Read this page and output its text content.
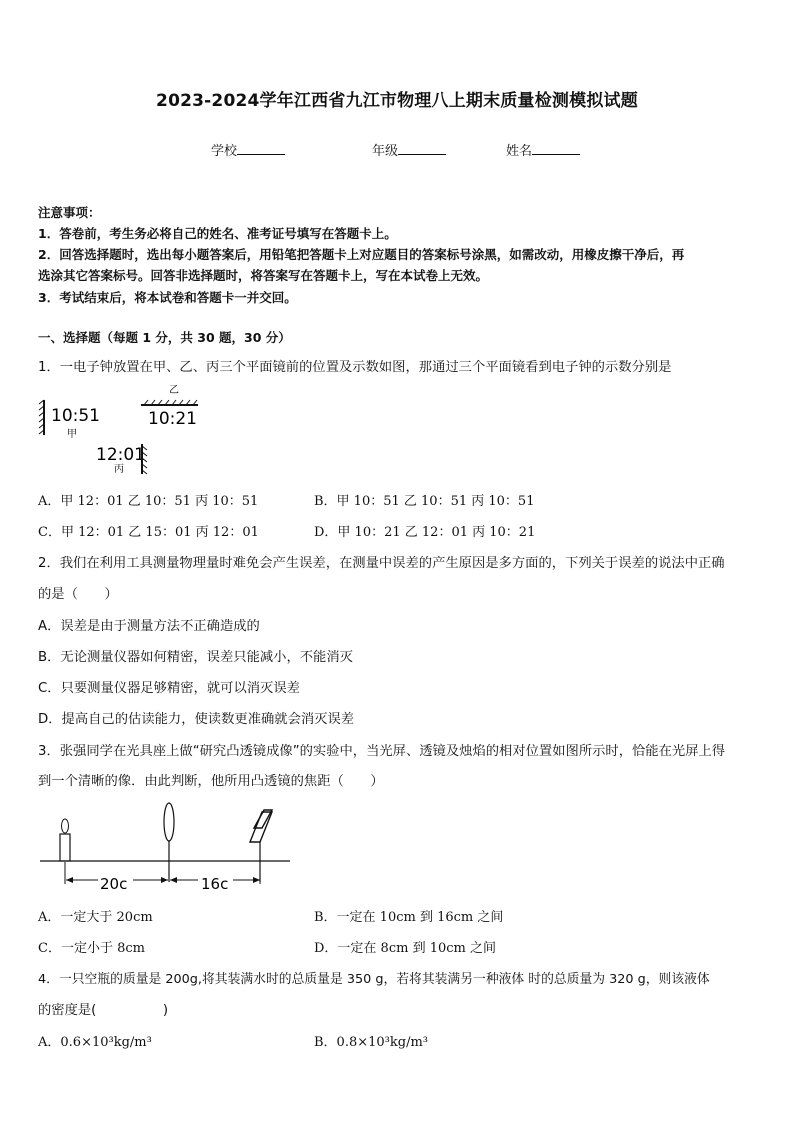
2023-2024学年江西省九江市物理八上期末质量检测模拟试题
学校	年级	姓名
注意事项：
1．答卷前，考生务必将自己的姓名、准考证号填写在答题卡上。
2．回答选择题时，选出每小题答案后，用铅笔把答题卡上对应题目的答案标号涂黑，如需改动，用橡皮擦干净后，再
选涂其它答案标号。回答非选择题时，将答案写在答题卡上，写在本试卷上无效。
3．考试结束后，将本试卷和答题卡一并交回。
一、选择题（每题 1 分，共 30 题，30 分）
1．一电子钟放置在甲、乙、丙三个平面镜前的位置及示数如图，那通过三个平面镜看到电子钟的示数分别是
10:51
甲
乙
10:21
12:01
丙
A．甲 12：01 乙 10：51 丙 10：51	B．甲 10：51 乙 10：51 丙 10：51
C．甲 12：01 乙 15：01 丙 12：01	D．甲 10：21 乙 12：01 丙 10：21
2．我们在利用工具测量物理量时难免会产生误差，在测量中误差的产生原因是多方面的，下列关于误差的说法中正确
的是（　　）
A．误差是由于测量方法不正确造成的
B．无论测量仪器如何精密，误差只能减小，不能消灭
C．只要测量仪器足够精密，就可以消灭误差
D．提高自己的估读能力，使读数更准确就会消灭误差
3．张强同学在光具座上做“研究凸透镜成像”的实验中，当光屏、透镜及烛焰的相对位置如图所示时，恰能在光屏上得
到一个清晰的像．由此判断，他所用凸透镜的焦距（　　）
20c	16c
A．一定大于 20cm	B．一定在 10cm 到 16cm 之间
C．一定小于 8cm	D．一定在 8cm 到 10cm 之间
4．一只空瓶的质量是 200g,将其装满水时的总质量是 350 g，若将其装满另一种液体 时的总质量为 320 g，则该液体
的密度是(　　　　　)
A．0.6×10³kg/m³	B．0.8×10³kg/m³
